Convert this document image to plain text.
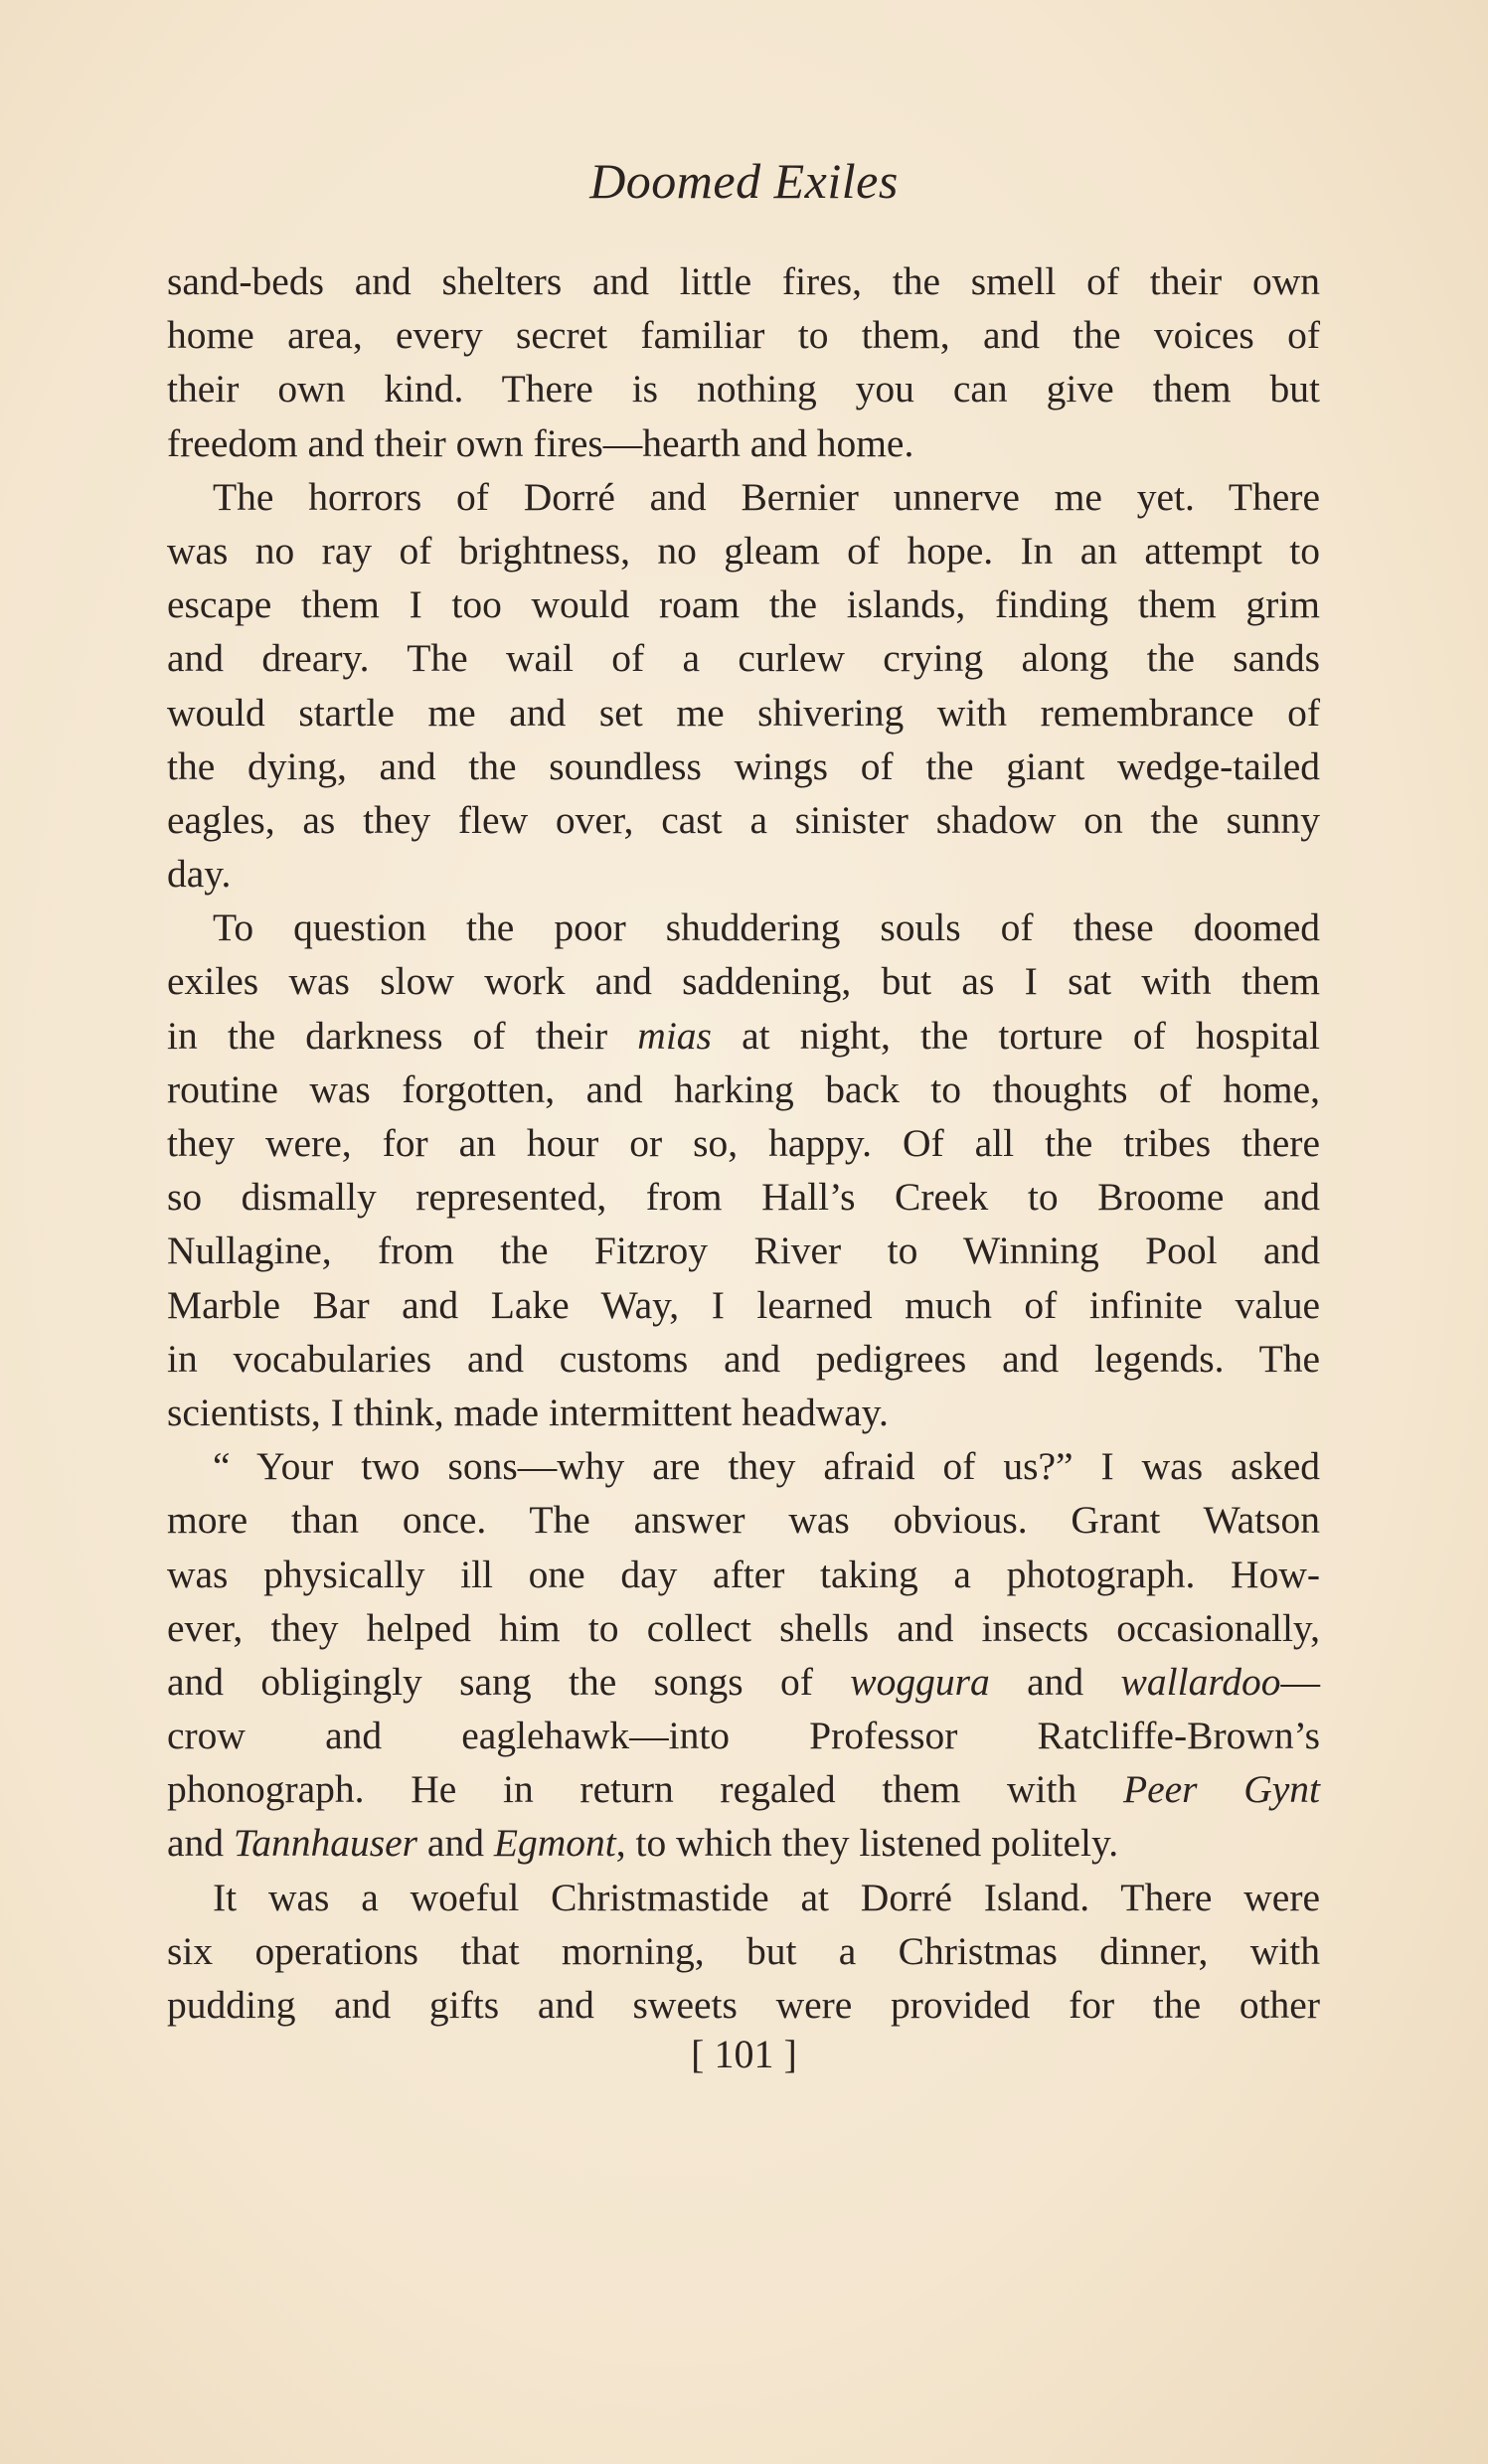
Doomed Exiles

sand-beds and shelters and little fires, the smell of their own
home area, every secret familiar to them, and the voices of
their own kind. There is nothing you can give them but
freedom and their own fires—hearth and home.

The horrors of Dorré and Bernier unnerve me yet. There
was no ray of brightness, no gleam of hope. In an attempt to
escape them I too would roam the islands, finding them grim
and dreary. The wail of a curlew crying along the sands
would startle me and set me shivering with remembrance of
the dying, and the soundless wings of the giant wedge-tailed
eagles, as they flew over, cast a sinister shadow on the sunny
day.

To question the poor shuddering souls of these doomed
exiles was slow work and saddening, but as I sat with them
in the darkness of their mias at night, the torture of hospital
routine was forgotten, and harking back to thoughts of home,
they were, for an hour or so, happy. Of all the tribes there
so dismally represented, from Hall’s Creek to Broome and
Nullagine, from the Fitzroy River to Winning Pool and
Marble Bar and Lake Way, I learned much of infinite value
in vocabularies and customs and pedigrees and legends. The
scientists, I think, made intermittent headway.

“ Your two sons—why are they afraid of us?” I was asked
more than once. The answer was obvious. Grant Watson
was physically ill one day after taking a photograph. How-
ever, they helped him to collect shells and insects occasionally,
and obligingly sang the songs of woggura and wallardoo—
crow and eaglehawk—into Professor Ratcliffe-Brown’s
phonograph. He in return regaled them with Peer Gynt
and Tannhauser and Egmont, to which they listened politely.

It was a woeful Christmastide at Dorré Island. There were
six operations that morning, but a Christmas dinner, with
pudding and gifts and sweets were provided for the other

[ 101 ]
